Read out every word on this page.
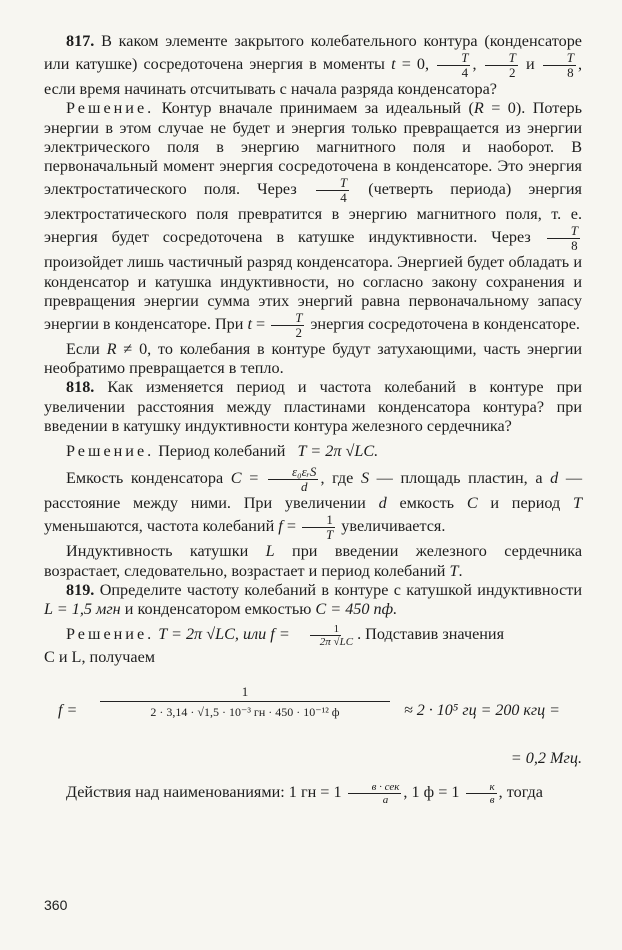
817. В каком элементе закрытого колебательного контура (конденсаторе или катушке) сосредоточена энергия в моменты t = 0, $\frac{T}{4}$ , $\frac{T}{2}$ и $\frac{T}{8}$ , если время начинать отсчитывать с начала разряда конденсатора?

Решение. Контур вначале принимаем за идеальный (R = 0). Потерь энергии в этом случае не будет и энергия только превращается из энергии электрического поля в энергию магнитного поля и наоборот. В первоначальный момент энергия сосредоточена в конденсаторе. Это энергия электростатического поля. Через $\frac{T}{4}$ (четверть периода) энергия электростатического поля превратится в энергию магнитного поля, т. е. энергия будет сосредоточена в катушке индуктивности. Через $\frac{T}{8}$
произойдет лишь частичный разряд конденсатора. Энергией будет обладать и конденсатор и катушка индуктивности, но согласно закону сохранения и превращения энергии сумма этих энергий равна первоначальному запасу энергии в конденсаторе. При $t = \frac{T}{2}$ энергия сосредоточена в конденсаторе.

Если R ≠ 0, то колебания в контуре будут затухающими, часть энергии необратимо превращается в тепло.

818. Как изменяется период и частота колебаний в контуре при увеличении расстояния между пластинами конденсатора контура? при введении в катушку индуктивности контура железного сердечника?

Решение. Период колебаний T = 2π √LC.

Емкость конденсатора C =	ε₀εᵣS
d , где S — площадь пластин, а d — расстояние между ними. При увеличении d емкость C и период T уменьшаются, частота колебаний $f = \frac{1}{T}$ увеличивается.

Индуктивность катушки L при введении железного сердечника возрастает, следовательно, возрастает и период колебаний T.

819. Определите частоту колебаний в контуре с катушкой индуктивности L = 1,5 мгн и конденсатором емкостью C = 450 пф.

Решение. T = 2π √LC, или $f = \frac{1}{2\pi √LC}$ . Подставив значения

C и L, получаем

f =
1
2 · 3,14 · √1,5 · 10⁻³ гн · 450 · 10⁻¹² ф	≈ 2 · 10⁵ гц = 200 кгц =
= 0,2 Мгц.

Действия над наименованиями: 1 гн = 1	в · сек
а , 1 ф = 1	к
в , тогда

360
